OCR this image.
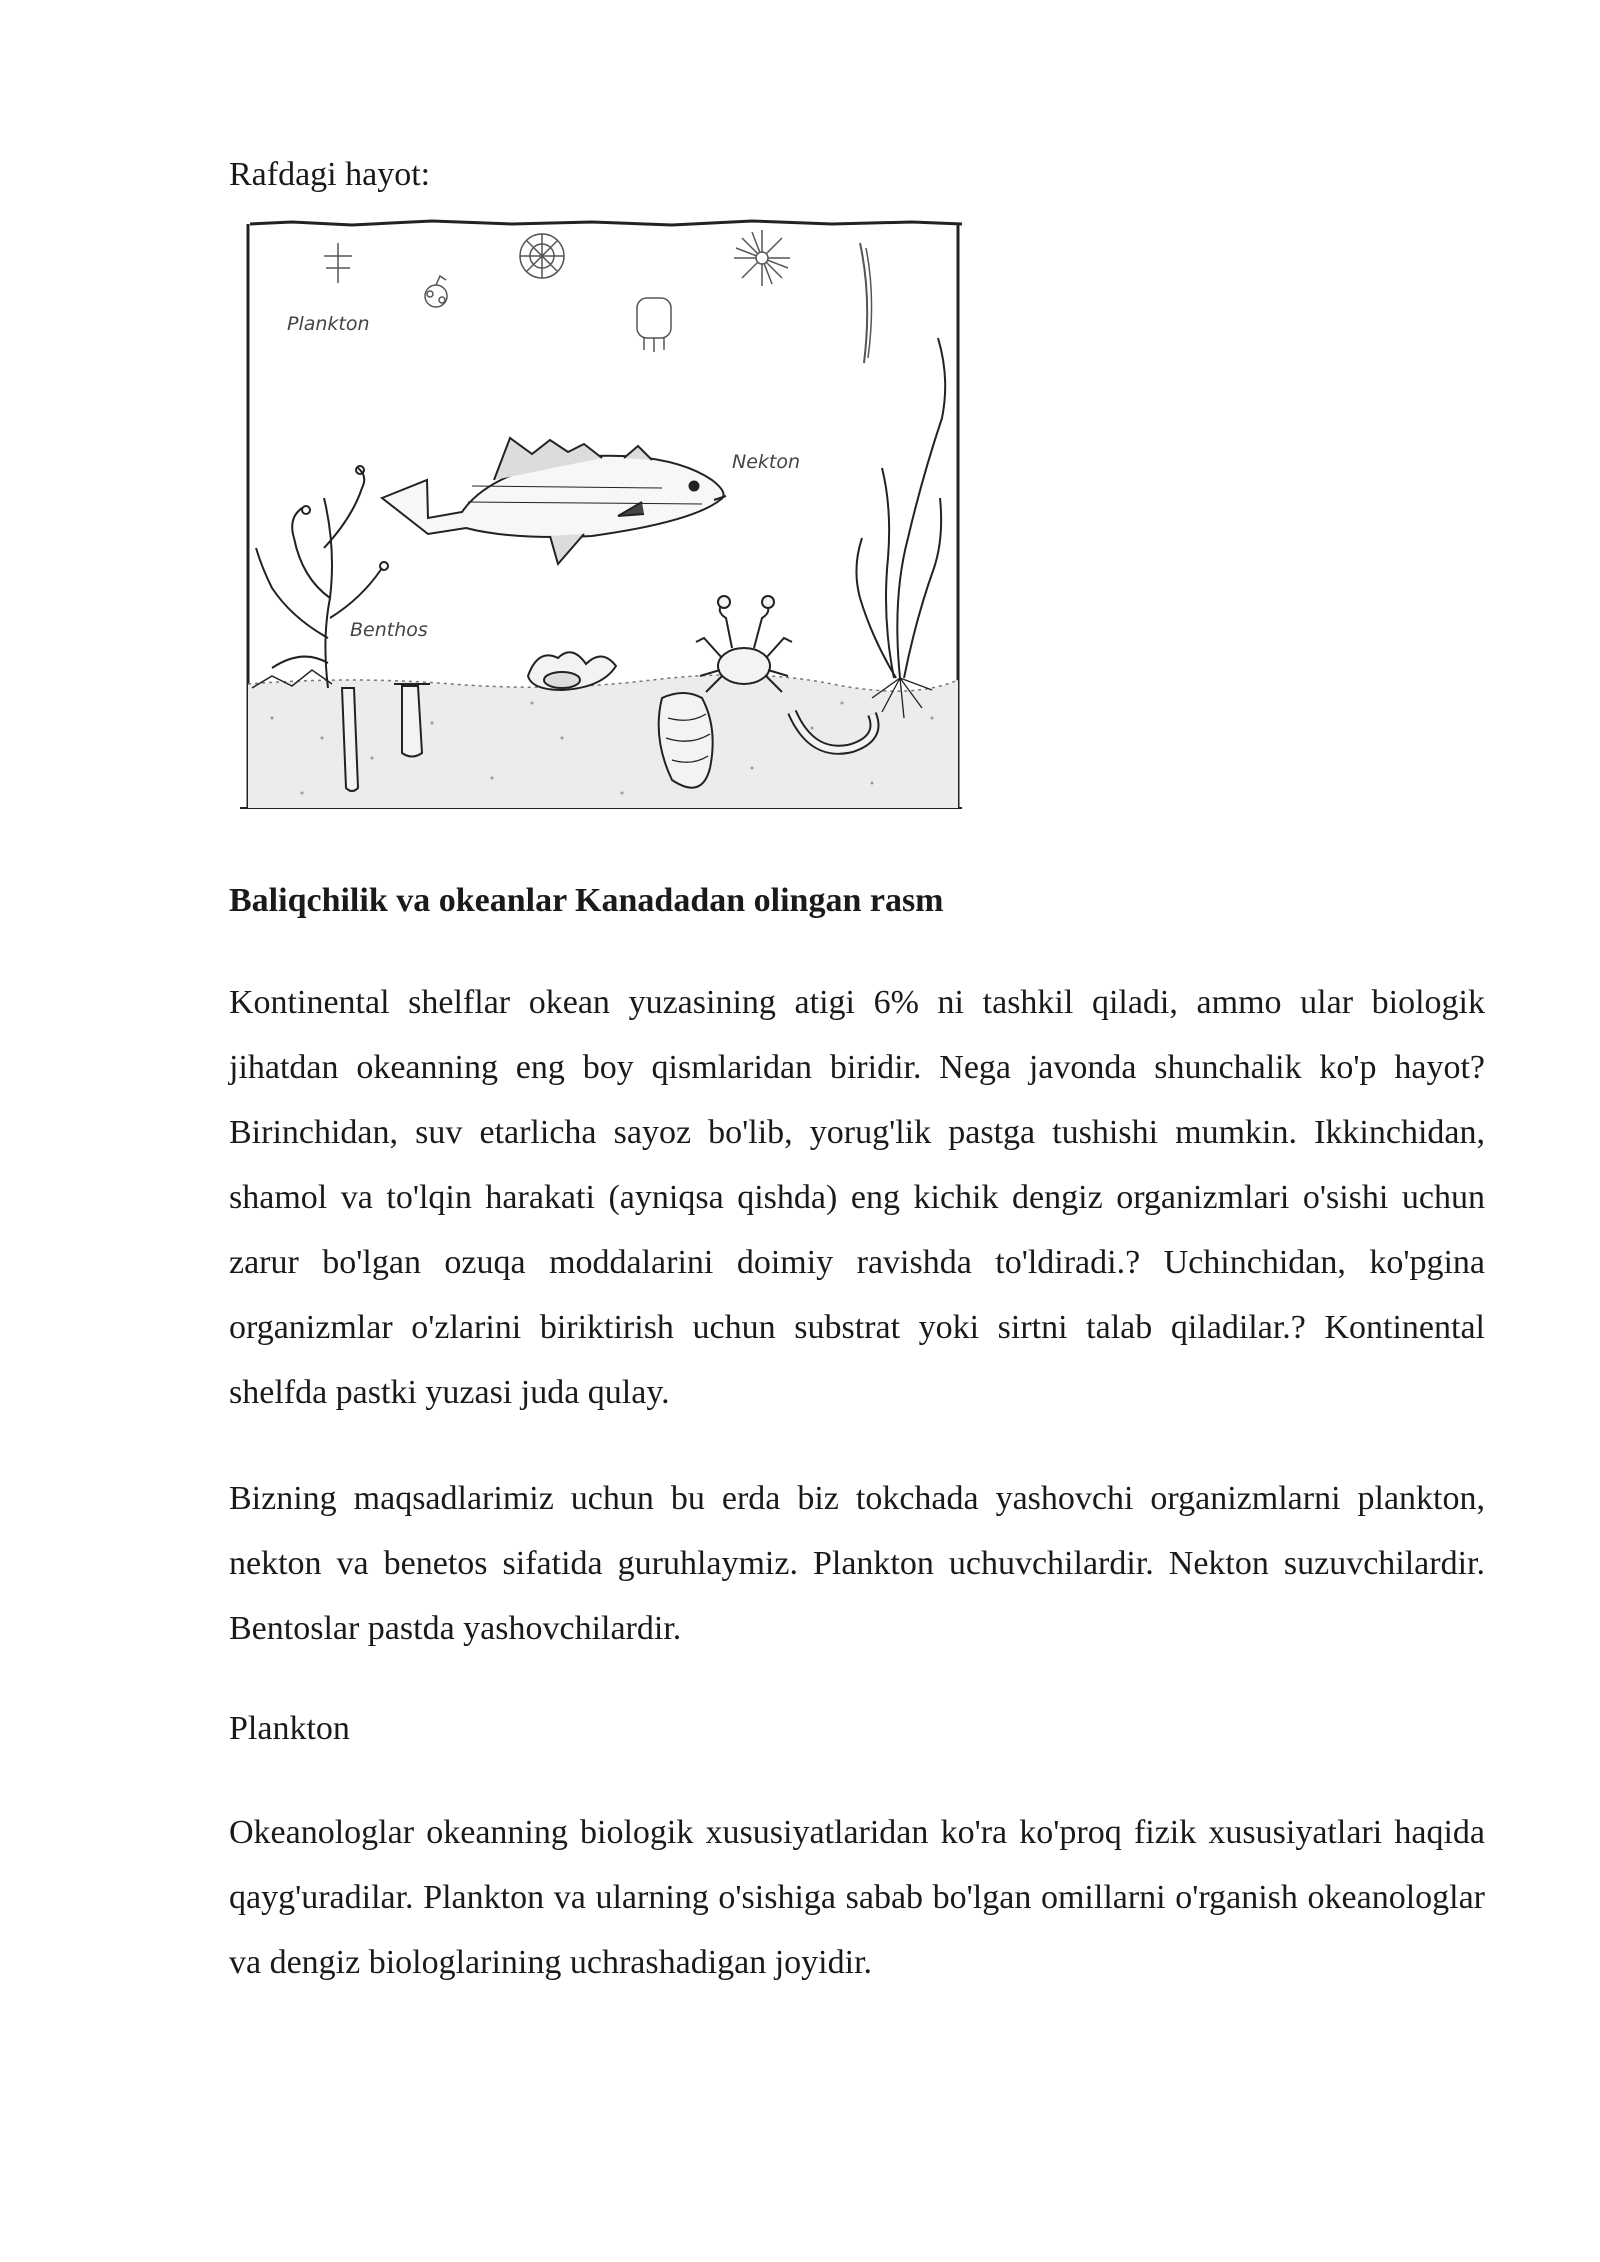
Rafdagi hayot:

Plankton
Nekton
Benthos

Baliqchilik va okeanlar Kanadadan olingan rasm

Kontinental shelflar okean yuzasining atigi 6% ni tashkil qiladi, ammo ular biologik jihatdan okeanning eng boy qismlaridan biridir. Nega javonda shunchalik ko'p hayot? Birinchidan, suv etarlicha sayoz bo'lib, yorug'lik pastga tushishi mumkin. Ikkinchidan, shamol va to'lqin harakati (ayniqsa qishda) eng kichik dengiz organizmlari o'sishi uchun zarur bo'lgan ozuqa moddalarini doimiy ravishda to'ldiradi.? Uchinchidan, ko'pgina organizmlar o'zlarini biriktirish uchun substrat yoki sirtni talab qiladilar.? Kontinental shelfda pastki yuzasi juda qulay.

Bizning maqsadlarimiz uchun bu erda biz tokchada yashovchi organizmlarni plankton, nekton va benetos sifatida guruhlaymiz. Plankton uchuvchilardir. Nekton suzuvchilardir. Bentoslar pastda yashovchilardir.

Plankton

Okeanologlar okeanning biologik xususiyatlaridan ko'ra ko'proq fizik xususiyatlari haqida qayg'uradilar. Plankton va ularning o'sishiga sabab bo'lgan omillarni o'rganish okeanologlar va dengiz biologlarining uchrashadigan joyidir.
